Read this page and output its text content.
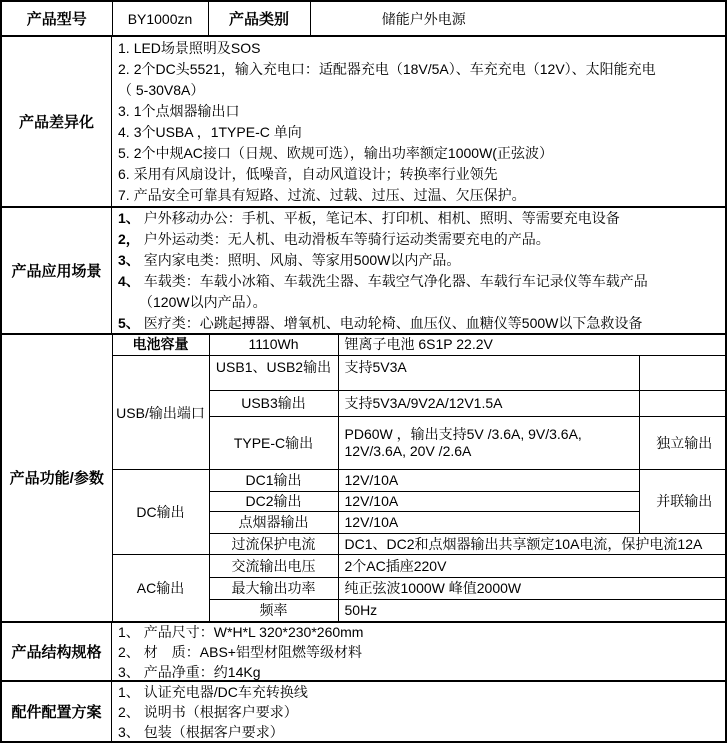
产品型号	BY1000zn	产品类别	储能户外电源
产品差异化
1. LED场景照明及SOS
2. 2个DC头5521，输入充电口：适配器充电（18V/5A）、车充充电（12V）、太阳能充电
（ 5-30V8A）
3. 1个点烟器输出口
4. 3个USBA ，1TYPE-C 单向
5. 2个中规AC接口（日规、欧规可选），输出功率额定1000W(正弦波）
6. 采用有风扇设计，低噪音，自动风道设计；转换率行业领先
7. 产品安全可靠具有短路、过流、过载、过压、过温、欠压保护。
产品应用场景
1、 户外移动办公：手机、平板，笔记本、打印机、相机、照明、等需要充电设备
2， 户外运动类：无人机、电动滑板车等骑行运动类需要充电的产品。
3、 室内家电类：照明、风扇、等家用500W以内产品。
4、 车载类：车载小冰箱、车载洗尘器、车载空气净化器、车载行车记录仪等车载产品
（120W以内产品）。
5、 医疗类：心跳起搏器、增氧机、电动轮椅、血压仪、血糖仪等500W以下急救设备
产品功能/参数	电池容量	1110Wh	锂离子电池 6S1P 22.2V	
	USB/输出端口	USB1、USB2输出	支持5V3A	
		USB3输出	支持5V3A/9V2A/12V1.5A	
		TYPE-C输出	PD60W ，输出支持5V /3.6A, 9V/3.6A, 12V/3.6A, 20V /2.6A	独立输出
	DC输出	DC1输出	12V/10A	并联输出
		DC2输出	12V/10A	
		点烟器输出	12V/10A	
		过流保护电流	DC1、DC2和点烟器输出共享额定10A电流，保护电流12A	
	AC输出	交流输出电压	2个AC插座220V	
		最大输出功率	纯正弦波1000W 峰值2000W	
		频率	50Hz	
产品结构规格
1、 产品尺寸：W*H*L 320*230*260mm
2、 材　质：ABS+铝型材阻燃等级材料
3、 产品净重：约14Kg
配件配置方案
1、 认证充电器/DC车充转换线
2、 说明书（根据客户要求）
3、 包装（根据客户要求）
